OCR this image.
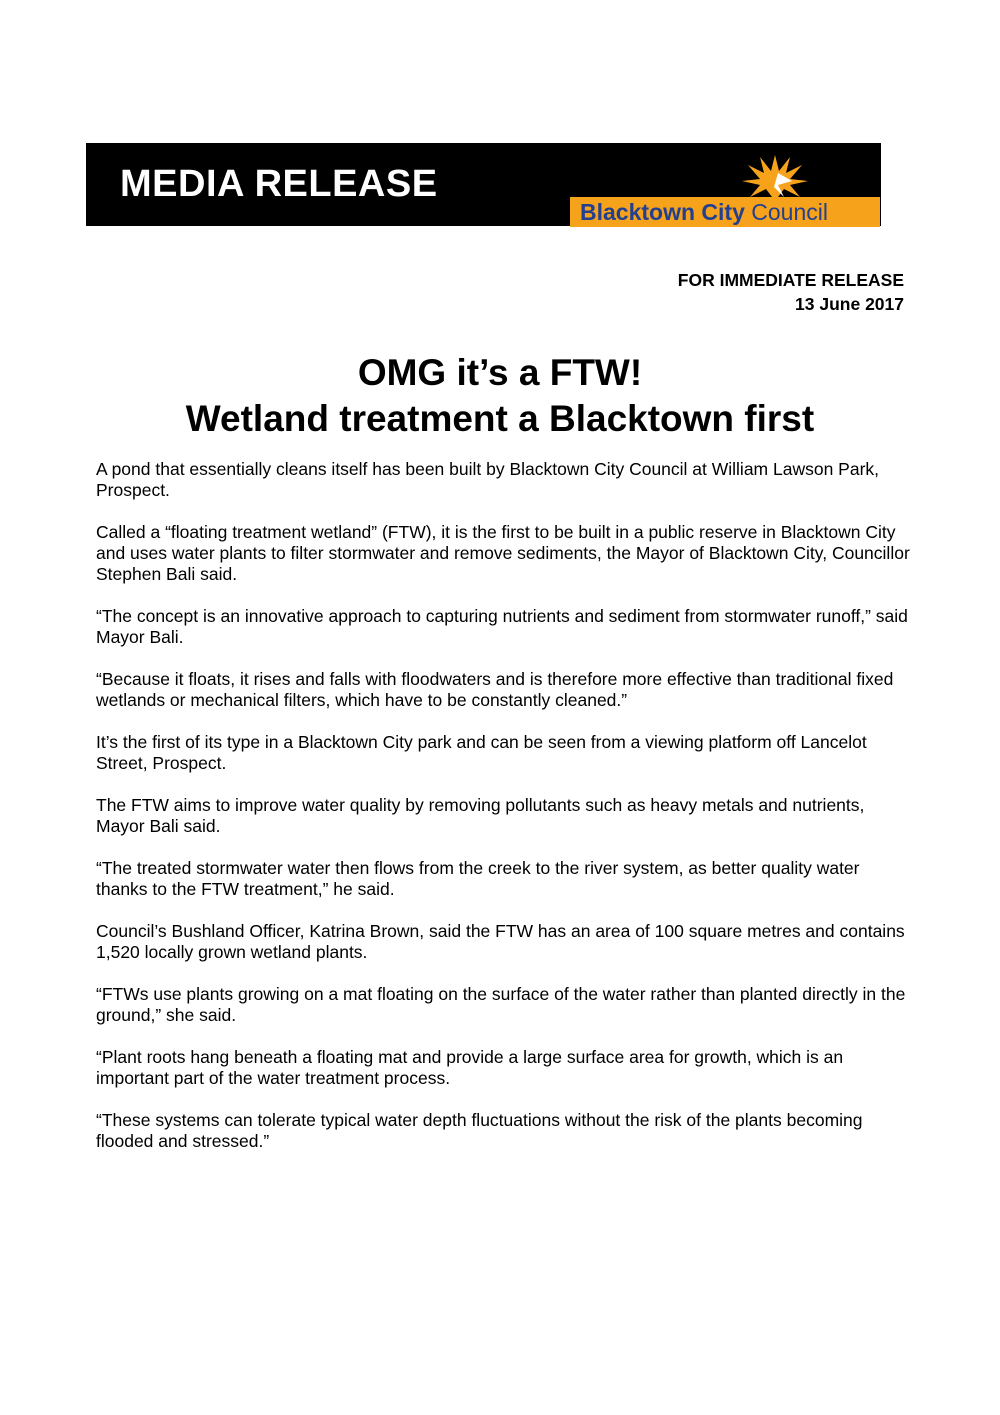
MEDIA RELEASE
Blacktown City Council
FOR IMMEDIATE RELEASE
13 June 2017
OMG it’s a FTW!
Wetland treatment a Blacktown first

A pond that essentially cleans itself has been built by Blacktown City Council at William Lawson Park, Prospect.

Called a “floating treatment wetland” (FTW), it is the first to be built in a public reserve in Blacktown City and uses water plants to filter stormwater and remove sediments, the Mayor of Blacktown City, Councillor Stephen Bali said.

“The concept is an innovative approach to capturing nutrients and sediment from stormwater runoff,” said Mayor Bali.

“Because it floats, it rises and falls with floodwaters and is therefore more effective than traditional fixed wetlands or mechanical filters, which have to be constantly cleaned.”

It’s the first of its type in a Blacktown City park and can be seen from a viewing platform off Lancelot Street, Prospect.

The FTW aims to improve water quality by removing pollutants such as heavy metals and nutrients, Mayor Bali said.

“The treated stormwater water then flows from the creek to the river system, as better quality water thanks to the FTW treatment,” he said.

Council’s Bushland Officer, Katrina Brown, said the FTW has an area of 100 square metres and contains 1,520 locally grown wetland plants.

“FTWs use plants growing on a mat floating on the surface of the water rather than planted directly in the ground,” she said.

“Plant roots hang beneath a floating mat and provide a large surface area for growth, which is an important part of the water treatment process.

“These systems can tolerate typical water depth fluctuations without the risk of the plants becoming flooded and stressed.”
